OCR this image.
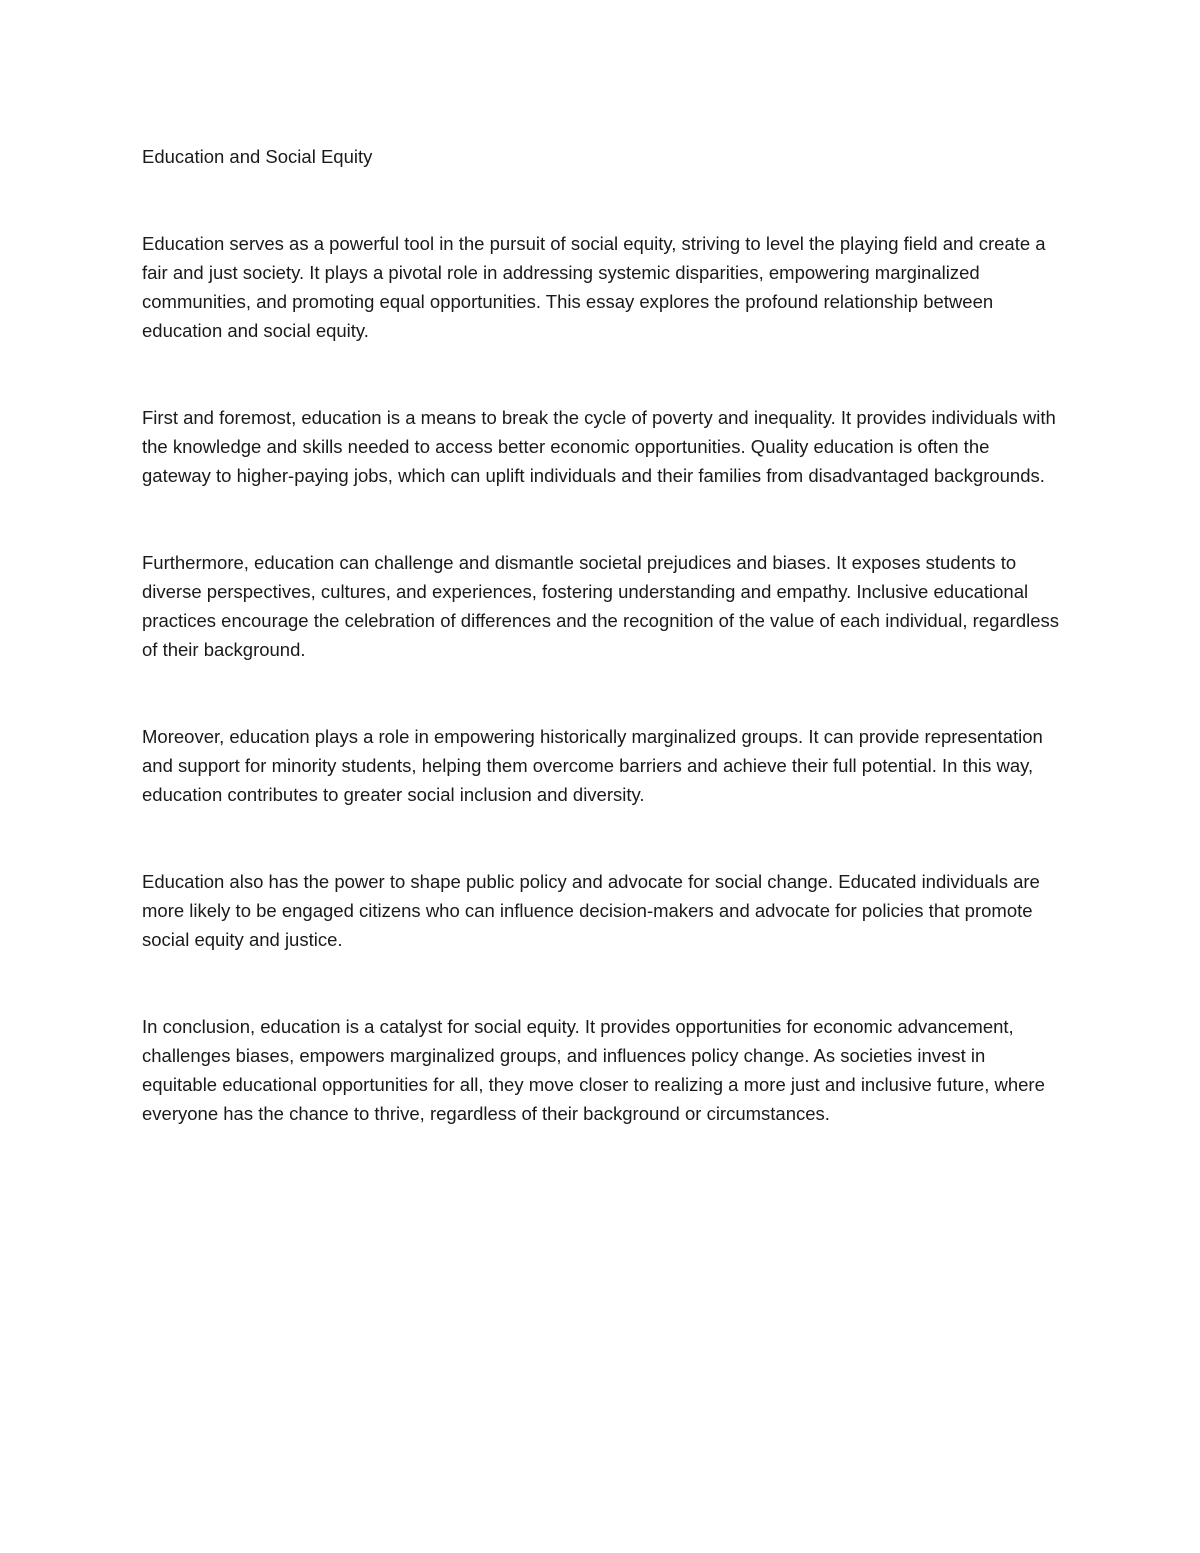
Education and Social Equity

Education serves as a powerful tool in the pursuit of social equity, striving to level the playing field and create a fair and just society. It plays a pivotal role in addressing systemic disparities, empowering marginalized communities, and promoting equal opportunities. This essay explores the profound relationship between education and social equity.

First and foremost, education is a means to break the cycle of poverty and inequality. It provides individuals with the knowledge and skills needed to access better economic opportunities. Quality education is often the gateway to higher-paying jobs, which can uplift individuals and their families from disadvantaged backgrounds.

Furthermore, education can challenge and dismantle societal prejudices and biases. It exposes students to diverse perspectives, cultures, and experiences, fostering understanding and empathy. Inclusive educational practices encourage the celebration of differences and the recognition of the value of each individual, regardless of their background.

Moreover, education plays a role in empowering historically marginalized groups. It can provide representation and support for minority students, helping them overcome barriers and achieve their full potential. In this way, education contributes to greater social inclusion and diversity.

Education also has the power to shape public policy and advocate for social change. Educated individuals are more likely to be engaged citizens who can influence decision-makers and advocate for policies that promote social equity and justice.

In conclusion, education is a catalyst for social equity. It provides opportunities for economic advancement, challenges biases, empowers marginalized groups, and influences policy change. As societies invest in equitable educational opportunities for all, they move closer to realizing a more just and inclusive future, where everyone has the chance to thrive, regardless of their background or circumstances.
